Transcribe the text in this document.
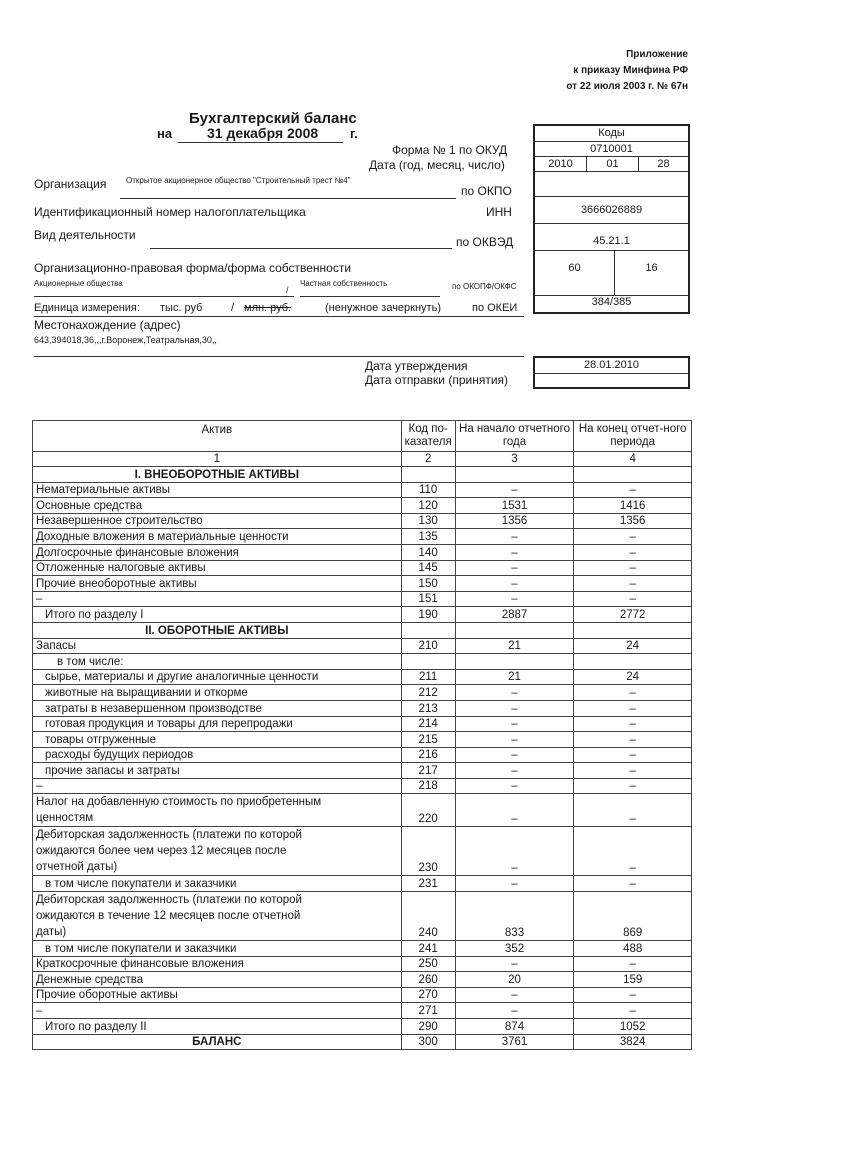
Приложение
к приказу Минфина РФ
от 22 июля 2003 г. № 67н
Бухгалтерский баланс
на 31 декабря 2008 г.
Форма № 1 по ОКУД
Дата (год, месяц, число)
Организация Открытое акционерное общество "Строительный трест №4"
по ОКПО
Идентификационный номер налогоплательщика	ИНН
Вид деятельности	по ОКВЭД
Организационно-правовая форма/форма собственности
Акционерные общества
/
Частная собственность	по ОКОПФ/ОКФС
Единица измерения: тыс. руб	/ млн. руб.	(ненужное зачеркнуть)	по ОКЕИ
Местонахождение (адрес)
643,394018,36,,,г.Воронеж,Театральная,30,,
Дата утверждения
Дата отправки (принятия)
Коды
0710001
2010	01	28
3666026889
45.21.1
60	16
384/385
28.01.2010
Актив	Код по-казателя	На начало отчетного года	На конец отчет-ного периода
1	2	3	4
I. ВНЕОБОРОТНЫЕ АКТИВЫ			
Нематериальные активы	110	–	–
Основные средства	120	1531	1416
Незавершенное строительство	130	1356	1356
Доходные вложения в материальные ценности	135	–	–
Долгосрочные финансовые вложения	140	–	–
Отложенные налоговые активы	145	–	–
Прочие внеоборотные активы	150	–	–
–	151	–	–
Итого по разделу I	190	2887	2772
II. ОБОРОТНЫЕ АКТИВЫ			
Запасы	210	21	24
в том числе:			
сырье, материалы и другие аналогичные ценности	211	21	24
животные на выращивании и откорме	212	–	–
затраты в незавершенном производстве	213	–	–
готовая продукция и товары для перепродажи	214	–	–
товары отгруженные	215	–	–
расходы будущих периодов	216	–	–
прочие запасы и затраты	217	–	–
–	218	–	–

Налог на добавленную стоимость по приобретенным
ценностям	220	–	–

Дебиторская задолженность (платежи по которой
ожидаются более чем через 12 месяцев после
отчетной даты)	230	–	–
в том числе покупатели и заказчики	231	–	–

Дебиторская задолженность (платежи по которой
ожидаются в течение 12 месяцев после отчетной
даты)	240	833	869
в том числе покупатели и заказчики	241	352	488
Краткосрочные финансовые вложения	250	–	–
Денежные средства	260	20	159
Прочие оборотные активы	270	–	–
–	271	–	–
Итого по разделу II	290	874	1052
БАЛАНС	300	3761	3824
